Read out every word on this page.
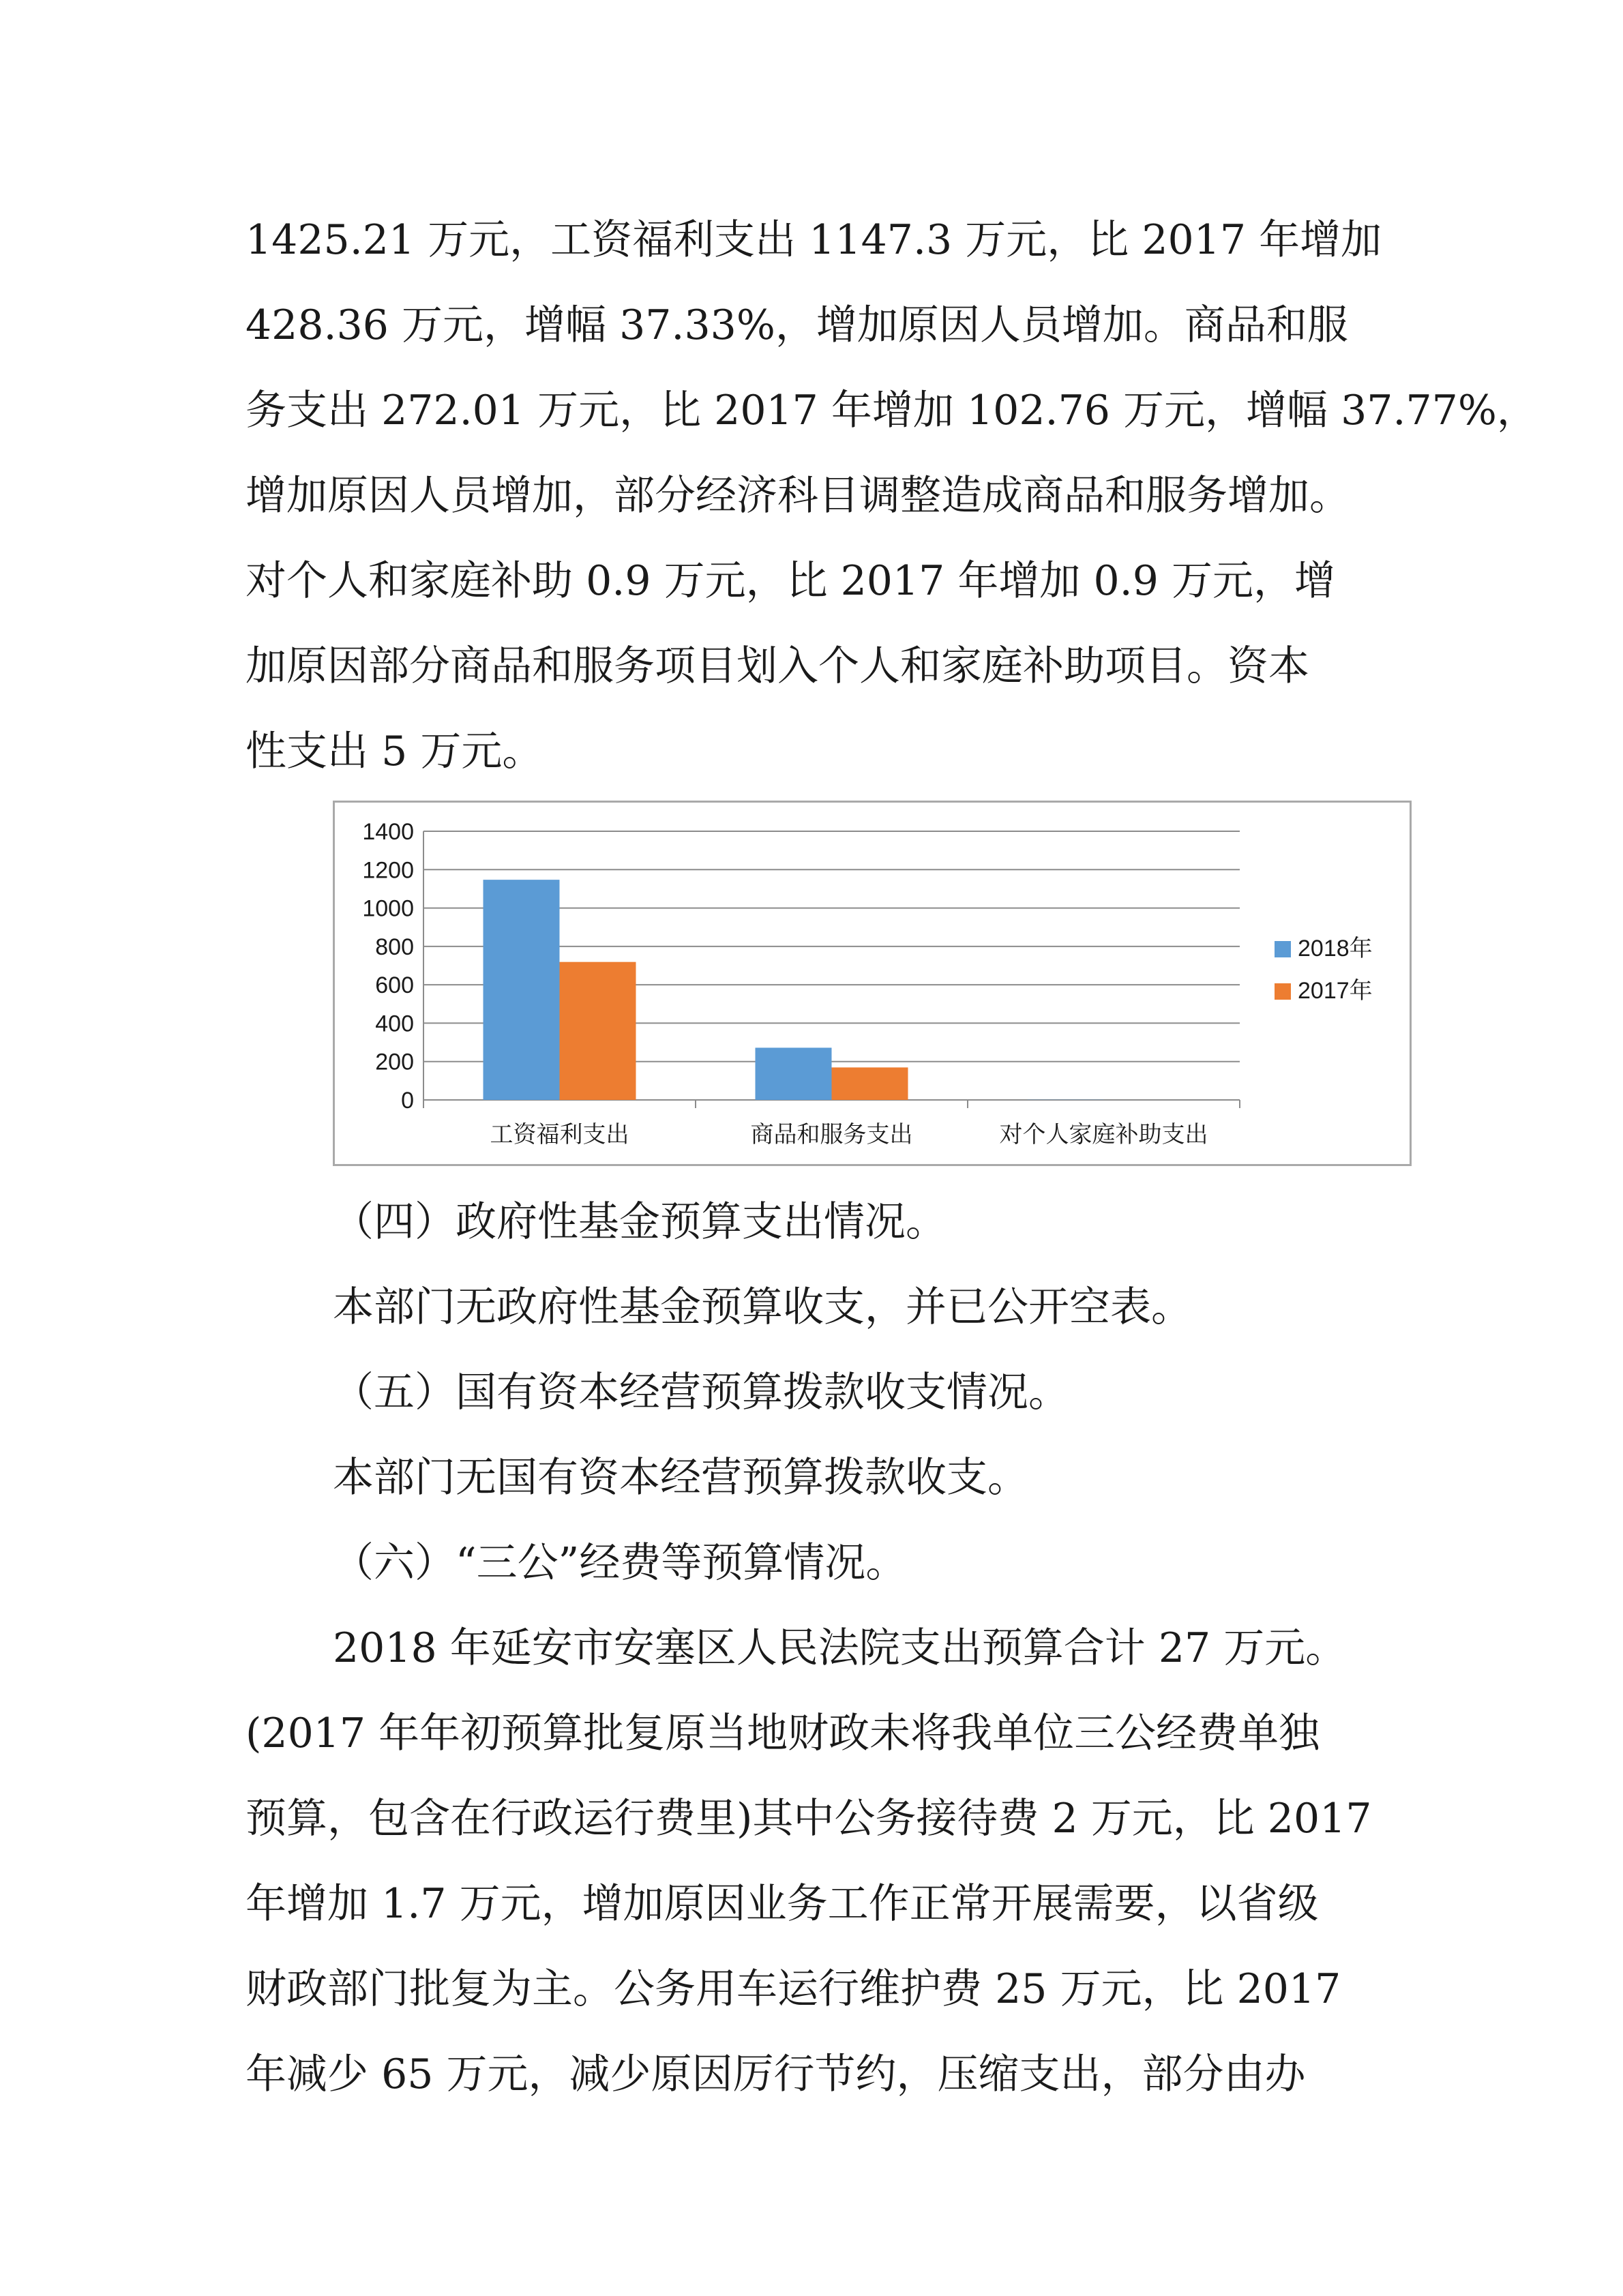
1425.21 万元，工资福利支出 1147.3 万元，比 2017 年增加
428.36 万元，增幅 37.33%，增加原因人员增加。商品和服
务支出 272.01 万元，比 2017 年增加 102.76 万元，增幅 37.77%，
增加原因人员增加，部分经济科目调整造成商品和服务增加。
对个人和家庭补助 0.9 万元，比 2017 年增加 0.9 万元，增
加原因部分商品和服务项目划入个人和家庭补助项目。资本
性支出 5 万元。
0
200
400
600
800
1000
1200
1400
工资福利支出	商品和服务支出	对个人家庭补助支出
2018年
2017年
（四）政府性基金预算支出情况。
本部门无政府性基金预算收支，并已公开空表。
（五）国有资本经营预算拨款收支情况。
本部门无国有资本经营预算拨款收支。
（六）“三公”经费等预算情况。
2018 年延安市安塞区人民法院支出预算合计 27 万元。
(2017 年年初预算批复原当地财政未将我单位三公经费单独
预算，包含在行政运行费里)其中公务接待费 2 万元，比 2017
年增加 1.7 万元，增加原因业务工作正常开展需要，以省级
财政部门批复为主。公务用车运行维护费 25 万元，比 2017
年减少 65 万元，减少原因厉行节约，压缩支出，部分由办
